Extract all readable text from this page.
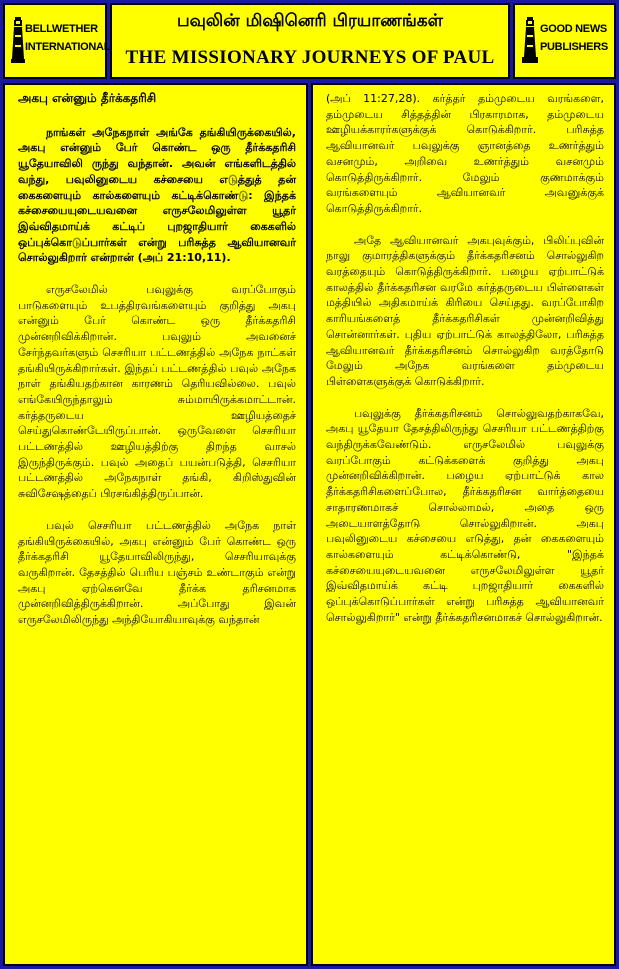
BELLWETHER
INTERNATIONAL
பவுலின் மிஷினெரி பிரயாணங்கள்
THE MISSIONARY JOURNEYS OF PAUL
GOOD NEWS
PUBLISHERS
அகபு என்னும் தீர்க்கதரிசி

நாங்கள் அநேகநாள் அங்கே தங்கியிருக்கையில், அகபு என்னும் பேர் கொண்ட ஒரு தீர்க்கதரிசி யூதேயாவிலி ருந்து வந்தான். அவன் எங்களிடத்தில் வந்து, பவுலினுடைய கச்சையை எடுத்துத் தன் கைகளையும் கால்களையும் கட்டிக்கொண்டு: இந்தக் கச்சையையுடையவனை எருசலேமிலுள்ள யூதர் இவ்விதமாய்க் கட்டிப் புறஜாதியார் கைகளில் ஒப்புக்கொடுப்பார்கள் என்று பரிசுத்த ஆவியானவர் சொல்லுகிறார் என்றான் (அப் 21:10,11).

எருசலேமில் பவுலுக்கு வரப்போகும் பாடுகளையும் உபத்திரவங்களையும் குறித்து அகபு என்னும் பேர் கொண்ட ஒரு தீர்க்கதரிசி முன்னறிவிக்கிறான். பவுலும் அவனைச் சேர்ந்தவர்களும் செசரியா பட்டணத்தில் அநேக நாட்கள் தங்கியிருக்கிறார்கள். இந்தப் பட்டணத்தில் பவுல் அநேக நாள் தங்கியதற்கான காரணம் தெரியவில்லை. பவுல் எங்கேயிருந்தாலும் சும்மாயிருக்கமாட்டான். கர்த்தருடைய ஊழியத்தைச் செய்துகொண்டேயிருப்பான். ஒருவேளை செசரியா பட்டணத்தில் ஊழியத்திற்கு திறந்த வாசல் இருந்திருக்கும். பவுல் அதைப் பயன்படுத்தி, செசரியா பட்டணத்தில் அநேகநாள் தங்கி, கிறிஸ்துவின் சுவிசேஷத்தைப் பிரசங்கித்திருப்பான்.

பவுல் செசரியா பட்டணத்தில் அநேக நாள் தங்கியிருக்கையில், அகபு என்னும் பேர் கொண்ட ஒரு தீர்க்கதரிசி யூதேயாவிலிருந்து, செசரியாவுக்கு வருகிறான். தேசத்தில் பெரிய பஞ்சம் உண்டாகும் என்று அகபு ஏற்கெனவே தீர்க்க தரிசனமாக முன்னறிவித்திருக்கிறான். அப்போது இவன் எருசலேமிலிருந்து அந்தியோகியாவுக்கு வந்தான்

(அப் 11:27,28). கர்த்தர் தம்முடைய வரங்களை, தம்முடைய சித்தத்தின் பிரகாரமாக, தம்முடைய ஊழியக்காரர்களுக்குக் கொடுக்கிறார். பரிசுத்த ஆவியானவர் பவுலுக்கு ஞானத்தை உணர்த்தும் வசனமும், அறிவை உணர்த்தும் வசனமும் கொடுத்திருக்கிறார். மேலும் குணமாக்கும் வரங்களையும் ஆவியானவர் அவனுக்குக் கொடுத்திருக்கிறார்.

அதே ஆவியானவர் அகபுவுக்கும், பிலிப்புவின் நாலு குமாரத்திகளுக்கும் தீர்க்கதரிசனம் சொல்லுகிற வரத்தையும் கொடுத்திருக்கிறார். பழைய ஏற்பாட்டுக் காலத்தில் தீர்க்கதரிசன வரமே கர்த்தருடைய பிள்ளைகள் மத்தியில் அதிகமாய்க் கிரியை செய்தது. வரப்போகிற காரியங்களைத் தீர்க்கதரிசிகள் முன்னறிவித்து சொன்னார்கள். புதிய ஏற்பாட்டுக் காலத்திலோ, பரிசுத்த ஆவியானவர் தீர்க்கதரிசனம் சொல்லுகிற வரத்தோடு மேலும் அநேக வரங்களை தம்முடைய பிள்ளைகளுக்குக் கொடுக்கிறார்.

பவுலுக்கு தீர்க்கதரிசனம் சொல்லுவதற்காகவே, அகபு யூதேயா தேசத்திலிருந்து செசரியா பட்டணத்திற்கு வந்திருக்கவேண்டும். எருசலேமில் பவுலுக்கு வரப்போகும் கட்டுக்களைக் குறித்து அகபு முன்னறிவிக்கிறான். பழைய ஏற்பாட்டுக் கால தீர்க்கதரிசிகளைப்போல, தீர்க்கதரிசன வார்த்தையை சாதாரணமாகச் சொல்லாமல், அதை ஒரு அடையாளத்தோடு சொல்லுகிறான். அகபு பவுலினுடைய கச்சையை எடுத்து, தன் கைகளையும் கால்களையும் கட்டிக்கொண்டு, "இந்தக் கச்சையையுடையவனை எருசலேமிலுள்ள யூதர் இவ்விதமாய்க் கட்டி புறஜாதியார் கைகளில் ஒப்புக்கொடுப்பார்கள் என்று பரிசுத்த ஆவியானவர் சொல்லுகிறார்" என்று தீர்க்கதரிசனமாகச் சொல்லுகிறான்.
